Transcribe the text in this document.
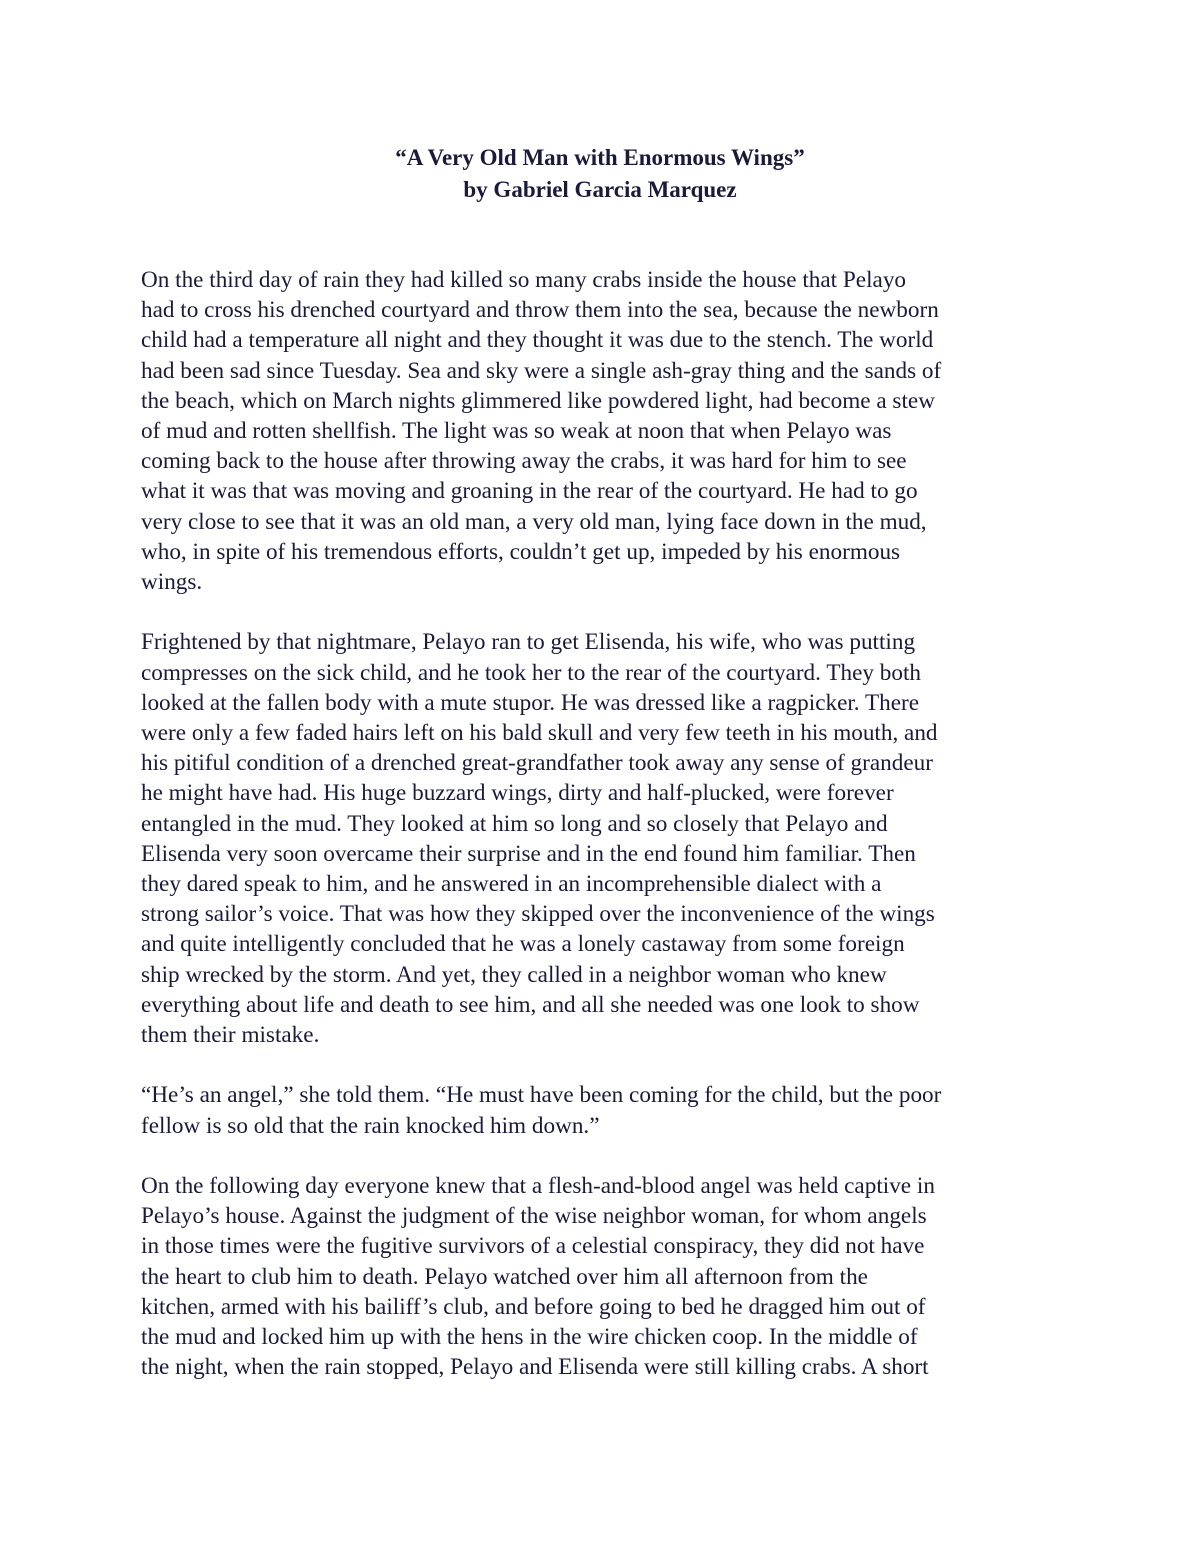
“A Very Old Man with Enormous Wings”
by Gabriel Garcia Marquez
On the third day of rain they had killed so many crabs inside the house that Pelayo
had to cross his drenched courtyard and throw them into the sea, because the newborn
child had a temperature all night and they thought it was due to the stench. The world
had been sad since Tuesday. Sea and sky were a single ash-gray thing and the sands of
the beach, which on March nights glimmered like powdered light, had become a stew
of mud and rotten shellfish. The light was so weak at noon that when Pelayo was
coming back to the house after throwing away the crabs, it was hard for him to see
what it was that was moving and groaning in the rear of the courtyard. He had to go
very close to see that it was an old man, a very old man, lying face down in the mud,
who, in spite of his tremendous efforts, couldn’t get up, impeded by his enormous
wings.
Frightened by that nightmare, Pelayo ran to get Elisenda, his wife, who was putting
compresses on the sick child, and he took her to the rear of the courtyard. They both
looked at the fallen body with a mute stupor. He was dressed like a ragpicker. There
were only a few faded hairs left on his bald skull and very few teeth in his mouth, and
his pitiful condition of a drenched great-grandfather took away any sense of grandeur
he might have had. His huge buzzard wings, dirty and half-plucked, were forever
entangled in the mud. They looked at him so long and so closely that Pelayo and
Elisenda very soon overcame their surprise and in the end found him familiar. Then
they dared speak to him, and he answered in an incomprehensible dialect with a
strong sailor’s voice. That was how they skipped over the inconvenience of the wings
and quite intelligently concluded that he was a lonely castaway from some foreign
ship wrecked by the storm. And yet, they called in a neighbor woman who knew
everything about life and death to see him, and all she needed was one look to show
them their mistake.
“He’s an angel,” she told them. “He must have been coming for the child, but the poor
fellow is so old that the rain knocked him down.”
On the following day everyone knew that a flesh-and-blood angel was held captive in
Pelayo’s house. Against the judgment of the wise neighbor woman, for whom angels
in those times were the fugitive survivors of a celestial conspiracy, they did not have
the heart to club him to death. Pelayo watched over him all afternoon from the
kitchen, armed with his bailiff’s club, and before going to bed he dragged him out of
the mud and locked him up with the hens in the wire chicken coop. In the middle of
the night, when the rain stopped, Pelayo and Elisenda were still killing crabs. A short
